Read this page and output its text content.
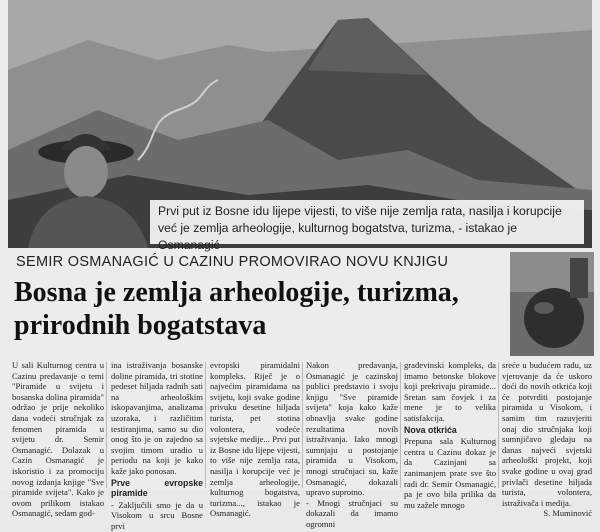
Prvi put iz Bosne idu lijepe vijesti, to više nije zemlja rata, nasilja i korupcije već je zemlja arheologije, kulturnog bogatstva, turizma, - istakao je Osmanagić
SEMIR OSMANAGIĆ U CAZINU PROMOVIRAO NOVU KNJIGU
Bosna je zemlja arheologije, turizma, prirodnih bogatstava

U sali Kulturnog centra u Cazinu predavanje o temi "Piramide u svijetu i bosanska dolina piramida" održao je prije nekoliko dana vodeći stručnjak za fenomen piramida u svijetu dr. Semir Osmanagić. Dolazak u Cazin Osmanagić je iskoristio i za promociju novog izdanja knjige "Sve piramide svijeta". Kako je ovom prilikom istakao Osmanagić, sedam god-

ina istraživanja bosanske doline piramida, tri stotine pedeset hiljada radnih sati na arheološkim iskopavanjima, analizama uzoraka, i različitim testiranjima, samo su dio onog što je on zajedno sa svojim timom uradio u periodu na koji je kako kaže jako ponosan.

Prve evropske piramide

- Zaključili smo je da u Visokom u srcu Bosne prvi

evropski piramidalni kompleks. Riječ je o najvećim piramidama na svijetu, koji svake godine privuku desetine hiljada turista, pet stotina volontera, vodeće svjetske medije... Prvi put iz Bosne idu lijepe vijesti, to više nije zemlja rata, nasilja i korupcije već je zemlja arheologije, kulturnog bogatstva, turizma..., istakao je Osmanagić.

Nakon predavanja, Osmanagić je cazinskoj publici predstavio i svoju knjigu "Sve piramide svijeta" koja kako kaže obnavlja svake godine rezultatima novih istraživanja. Iako mnogi sumnjaju u postojanje piramida u Visokom, mnogi stručnjaci su, kaže Osmanagić, dokazali upravo suprotno.

- Mnogi stručnjaci su dokazali da imamo ogromni

građevinski kompleks, da imamo betonske blokove koji prekrivaju piramide... Sretan sam čovjek i za mene je to velika satisfakcija.

Nova otkrića

Prepuna sala Kulturnog centra u Cazinu dokaz je da Cazinjani sa zanimanjem prate sve što radi dr. Semir Osmanagić, pa je ovo bila prilika da mu zaželе mnogo

sreće u budućem radu, uz vjerovanje da će uskoro doći do novih otkrića koji će potvrditi postojanje piramida u Visokom, i samim tim razuvjeriti onaj dio stručnjaka koji sumnjičavo gledaju na danas najveći svjetski arheološki projekt, koji svake godine u ovaj grad privlači desetine hiljada turista, volontera, istraživača i medija.

S. Muminović
